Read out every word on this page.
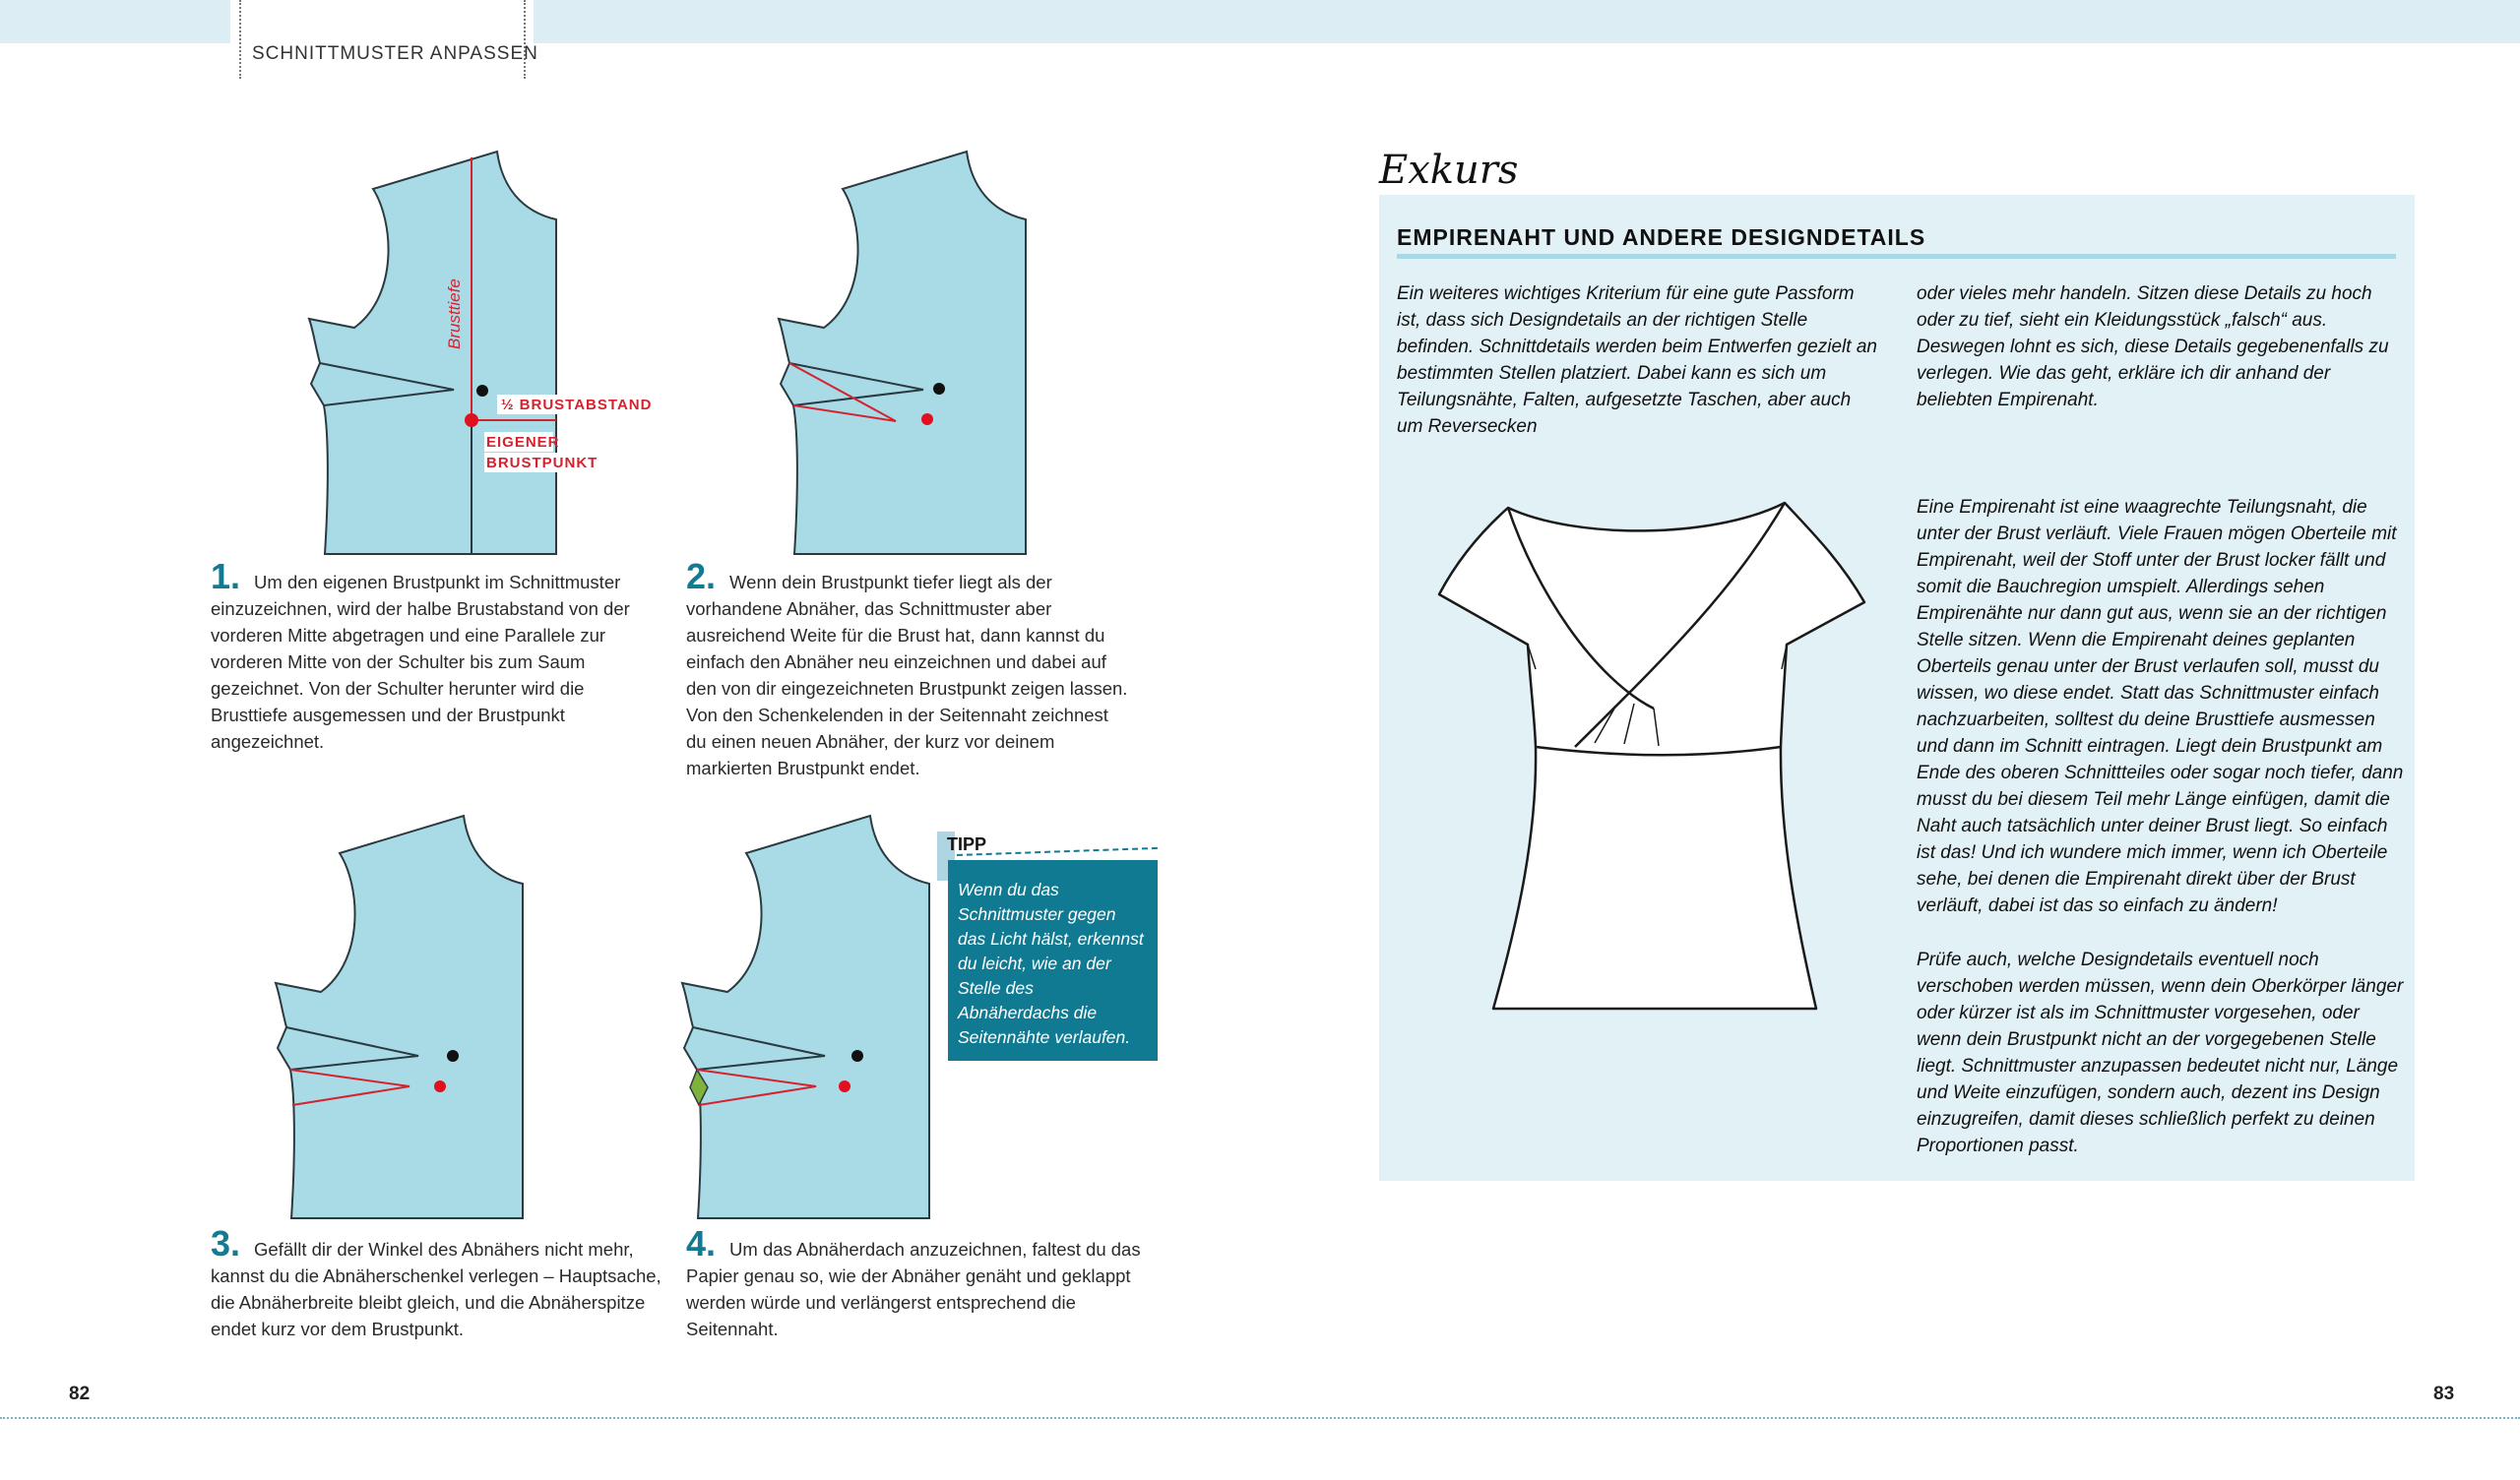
SCHNITTMUSTER ANPASSEN
½ BRUSTABSTAND
EIGENER
BRUSTPUNKT
Brusttiefe
1. Um den eigenen Brustpunkt im Schnittmuster einzuzeichnen, wird der halbe Brustabstand von der vorderen Mitte abgetragen und eine Parallele zur vorderen Mitte von der Schulter bis zum Saum gezeichnet. Von der Schulter herunter wird die Brusttiefe ausgemessen und der Brustpunkt angezeichnet.
2. Wenn dein Brustpunkt tiefer liegt als der vorhandene Abnäher, das Schnittmuster aber ausreichend Weite für die Brust hat, dann kannst du einfach den Abnäher neu einzeichnen und dabei auf den von dir eingezeichneten Brustpunkt zeigen lassen. Von den Schenkelenden in der Seitennaht zeichnest du einen neuen Abnäher, der kurz vor deinem markierten Brustpunkt endet.
3. Gefällt dir der Winkel des Abnähers nicht mehr, kannst du die Abnäherschenkel verlegen – Hauptsache, die Abnäherbreite bleibt gleich, und die Abnäherspitze endet kurz vor dem Brustpunkt.
4. Um das Abnäherdach anzuzeichnen, faltest du das Papier genau so, wie der Abnäher genäht und geklappt werden würde und verlängerst entsprechend die Seitennaht.
TIPP
Wenn du das Schnittmuster gegen das Licht hälst, erkennst du leicht, wie an der Stelle des Abnäherdachs die Seitennähte verlaufen.
Exkurs
EMPIRENAHT UND ANDERE DESIGNDETAILS
Ein weiteres wichtiges Kriterium für eine gute Passform ist, dass sich Designdetails an der richtigen Stelle befinden. Schnittdetails werden beim Entwerfen gezielt an bestimmten Stellen platziert. Dabei kann es sich um Teilungsnähte, Falten, aufgesetzte Taschen, aber auch um Reversecken
oder vieles mehr handeln. Sitzen diese Details zu hoch oder zu tief, sieht ein Kleidungsstück „falsch“ aus. Deswegen lohnt es sich, diese Details gegebenenfalls zu verlegen. Wie das geht, erkläre ich dir anhand der beliebten Empirenaht.
Eine Empirenaht ist eine waagrechte Teilungsnaht, die unter der Brust verläuft. Viele Frauen mögen Oberteile mit Empirenaht, weil der Stoff unter der Brust locker fällt und somit die Bauchregion umspielt. Allerdings sehen Empirenähte nur dann gut aus, wenn sie an der richtigen Stelle sitzen. Wenn die Empirenaht deines geplanten Oberteils genau unter der Brust verlaufen soll, musst du wissen, wo diese endet. Statt das Schnittmuster einfach nachzuarbeiten, solltest du deine Brusttiefe ausmessen und dann im Schnitt eintragen. Liegt dein Brustpunkt am Ende des oberen Schnittteiles oder sogar noch tiefer, dann musst du bei diesem Teil mehr Länge einfügen, damit die Naht auch tatsächlich unter deiner Brust liegt. So einfach ist das! Und ich wundere mich immer, wenn ich Oberteile sehe, bei denen die Empirenaht direkt über der Brust verläuft, dabei ist das so einfach zu ändern!
Prüfe auch, welche Designdetails eventuell noch verschoben werden müssen, wenn dein Oberkörper länger oder kürzer ist als im Schnittmuster vorgesehen, oder wenn dein Brustpunkt nicht an der vorgegebenen Stelle liegt. Schnittmuster anzupassen bedeutet nicht nur, Länge und Weite einzufügen, sondern auch, dezent ins Design einzugreifen, damit dieses schließlich perfekt zu deinen Proportionen passt.
82	83
